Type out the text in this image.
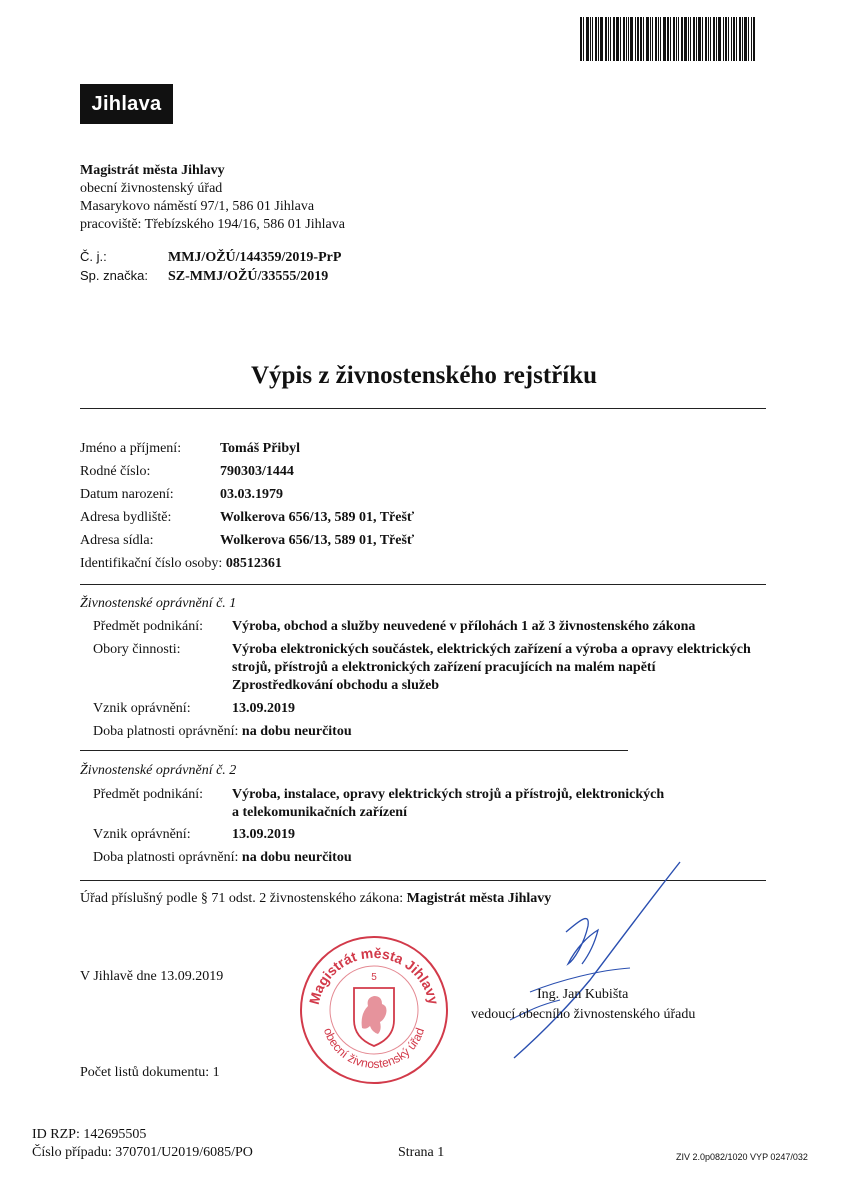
Jihlava
Magistrát města Jihlavy
obecní živnostenský úřad
Masarykovo náměstí 97/1, 586 01 Jihlava
pracoviště: Třebízského 194/16, 586 01 Jihlava
Č. j.:	MMJ/OŽÚ/144359/2019-PrP
Sp. značka: SZ-MMJ/OŽÚ/33555/2019
Výpis z živnostenského rejstříku
Jméno a příjmení:	Tomáš Přibyl
Rodné číslo:	790303/1444
Datum narození:	03.03.1979
Adresa bydliště:	Wolkerova 656/13, 589 01, Třešť
Adresa sídla:	Wolkerova 656/13, 589 01, Třešť
Identifikační číslo osoby: 08512361
Živnostenské oprávnění č. 1
Předmět podnikání: Výroba, obchod a služby neuvedené v přílohách 1 až 3 živnostenského zákona
Obory činnosti:	Výroba elektronických součástek, elektrických zařízení a výroba a opravy elektrických
strojů, přístrojů a elektronických zařízení pracujících na malém napětí
Zprostředkování obchodu a služeb
Vznik oprávnění:	13.09.2019
Doba platnosti oprávnění: na dobu neurčitou
Živnostenské oprávnění č. 2
Předmět podnikání: Výroba, instalace, opravy elektrických strojů a přístrojů, elektronických
a telekomunikačních zařízení
Vznik oprávnění:	13.09.2019
Doba platnosti oprávnění: na dobu neurčitou
Úřad příslušný podle § 71 odst. 2 živnostenského zákona: Magistrát města Jihlavy
V Jihlavě dne 13.09.2019
Magistrát města Jihlavy
obecní živnostenský úřad
5
Ing. Jan Kubišta
vedoucí obecního živnostenského úřadu
Počet listů dokumentu: 1
ID RZP: 142695505
Číslo případu: 370701/U2019/6085/PO	Strana 1	ZIV 2.0p082/1020 VYP 0247/032
